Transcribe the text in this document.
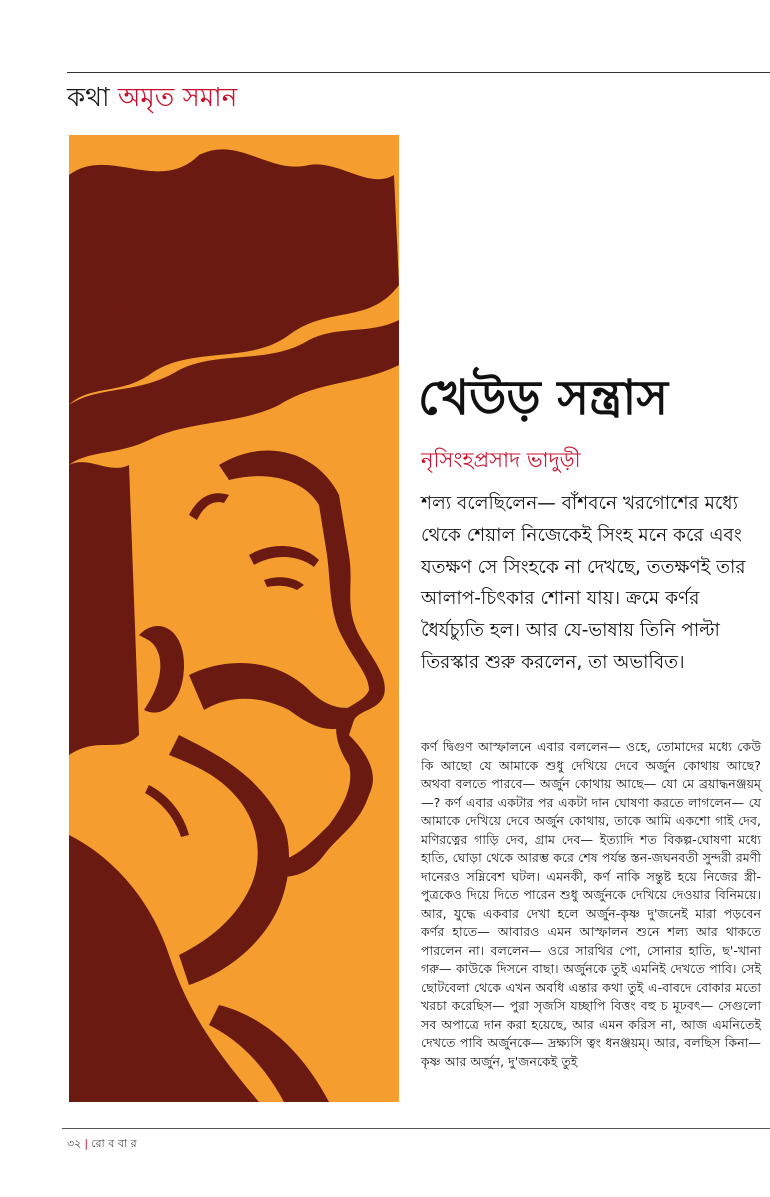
কথা অমৃত সমান
খেউড় সন্ত্রাস
নৃসিংহপ্রসাদ ভাদুড়ী

শল্য বলেছিলেন— বাঁশবনে খরগোশের মধ্যে থেকে শেয়াল নিজেকেই সিংহ মনে করে এবং যতক্ষণ সে সিংহকে না দেখছে, ততক্ষণই তার আলাপ-চিৎকার শোনা যায়। ক্রমে কর্ণর ধৈর্যচ্যুতি হল। আর যে-ভাষায় তিনি পাল্টা তিরস্কার শুরু করলেন, তা অভাবিত।

কর্ণ দ্বিগুণ আস্ফালনে এবার বললেন— ওহে, তোমাদের মধ্যে কেউ কি আছো যে আমাকে শুধু দেখিয়ে দেবে অর্জুন কোথায় আছে? অথবা বলতে পারবে— অর্জুন কোথায় আছে— যো মে ব্রয়াদ্ধনঞ্জয়ম্‌—? কর্ণ এবার একটার পর একটা দান ঘোষণা করতে লাগলেন— যে আমাকে দেখিয়ে দেবে অর্জুন কোথায়, তাকে আমি একশো গাই দেব, মণিরত্নের গাড়ি দেব, গ্রাম দেব— ইত্যাদি শত বিকল্প-ঘোষণা মধ্যে হাতি, ঘোড়া থেকে আরম্ভ করে শেষ পর্যন্ত স্তন-জঘনবতী সুন্দরী রমণী দানেরও সম্নিবেশ ঘটল। এমনকী, কর্ণ নাকি সন্তুষ্ট হয়ে নিজের স্ত্রী-পুত্রকেও দিয়ে দিতে পারেন শুধু অর্জুনকে দেখিয়ে দেওয়ার বিনিময়ে। আর, যুদ্ধে একবার দেখা হলে অর্জুন-কৃষ্ণ দু'জনেই মারা পড়বেন কর্ণর হাতে— আবারও এমন আস্ফালন শুনে শল্য আর থাকতে পারলেন না। বললেন— ওরে সারথির পো, সোনার হাতি, ছ'-খানা গরু— কাউকে দিসনে বাছা। অর্জুনকে তুই এমনিই দেখতে পাবি। সেই ছোটবেলা থেকে এখন অবধি এন্তার কথা তুই এ-বাবদে বোকার মতো খরচা করেছিস— পুরা সৃজসি যচ্ছাপি বিত্তং বহু চ মূঢবৎ— সেগুলো সব অপাত্রে দান করা হয়েছে, আর এমন করিস না, আজ এমনিতেই দেখতে পাবি অর্জুনকে— দ্রক্ষ্যসি ত্বং ধনঞ্জয়ম্‌। আর, বলছিস কিনা— কৃষ্ণ আর অর্জুন, দু'জনকেই তুই

৩২ | রো ব বা র
